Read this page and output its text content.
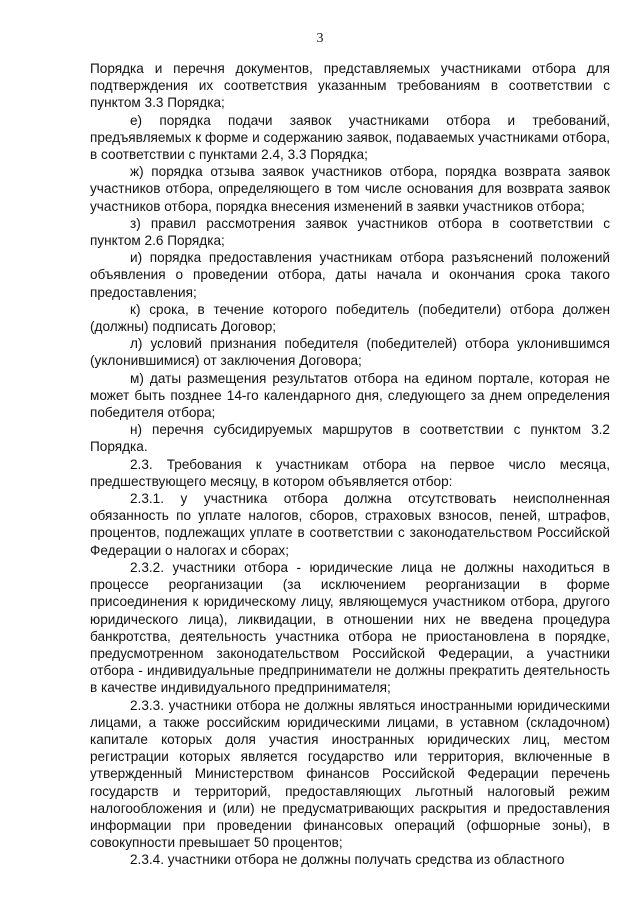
3

Порядка и перечня документов, представляемых участниками отбора для подтверждения их соответствия указанным требованиям в соответствии с пунктом 3.3 Порядка;

е) порядка подачи заявок участниками отбора и требований, предъявляемых к форме и содержанию заявок, подаваемых участниками отбора, в соответствии с пунктами 2.4, 3.3 Порядка;

ж) порядка отзыва заявок участников отбора, порядка возврата заявок участников отбора, определяющего в том числе основания для возврата заявок участников отбора, порядка внесения изменений в заявки участников отбора;

з) правил рассмотрения заявок участников отбора в соответствии с пунктом 2.6 Порядка;

и) порядка предоставления участникам отбора разъяснений положений объявления о проведении отбора, даты начала и окончания срока такого предоставления;

к) срока, в течение которого победитель (победители) отбора должен (должны) подписать Договор;

л) условий признания победителя (победителей) отбора уклонившимся (уклонившимися) от заключения Договора;

м) даты размещения результатов отбора на едином портале, которая не может быть позднее 14-го календарного дня, следующего за днем определения победителя отбора;

н) перечня субсидируемых маршрутов в соответствии с пунктом 3.2 Порядка.

2.3. Требования к участникам отбора на первое число месяца, предшествующего месяцу, в котором объявляется отбор:

2.3.1. у участника отбора должна отсутствовать неисполненная обязанность по уплате налогов, сборов, страховых взносов, пеней, штрафов, процентов, подлежащих уплате в соответствии с законодательством Российской Федерации о налогах и сборах;

2.3.2. участники отбора - юридические лица не должны находиться в процессе реорганизации (за исключением реорганизации в форме присоединения к юридическому лицу, являющемуся участником отбора, другого юридического лица), ликвидации, в отношении них не введена процедура банкротства, деятельность участника отбора не приостановлена в порядке, предусмотренном законодательством Российской Федерации, а участники отбора - индивидуальные предприниматели не должны прекратить деятельность в качестве индивидуального предпринимателя;

2.3.3. участники отбора не должны являться иностранными юридическими лицами, а также российским юридическими лицами, в уставном (складочном) капитале которых доля участия иностранных юридических лиц, местом регистрации которых является государство или территория, включенные в утвержденный Министерством финансов Российской Федерации перечень государств и территорий, предоставляющих льготный налоговый режим налогообложения и (или) не предусматривающих раскрытия и предоставления информации при проведении финансовых операций (офшорные зоны), в совокупности превышает 50 процентов;

2.3.4. участники отбора не должны получать средства из областного
